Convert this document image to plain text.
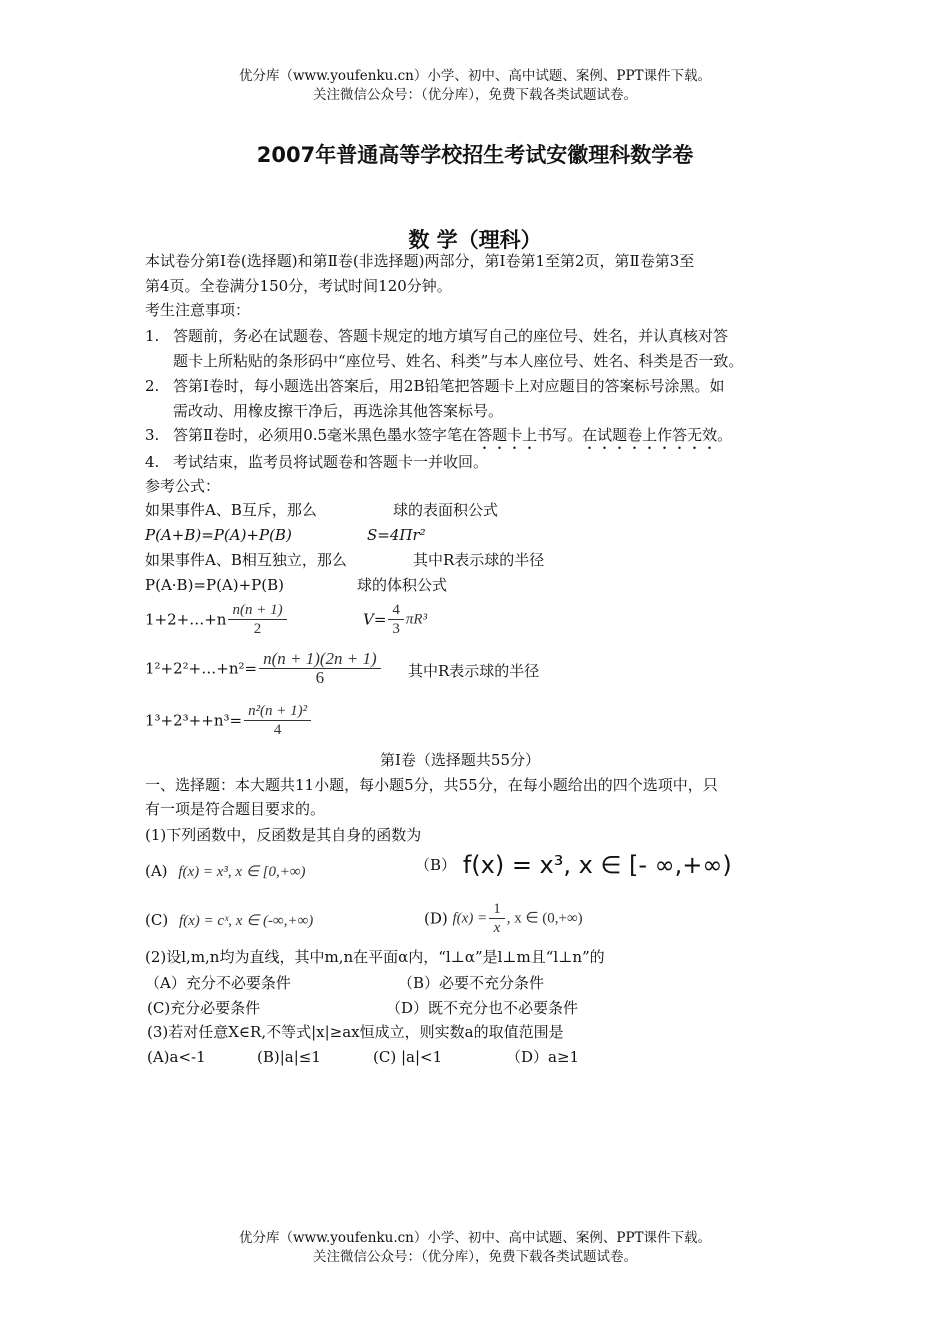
优分库（www.youfenku.cn）小学、初中、高中试题、案例、PPT课件下载。
关注微信公众号：（优分库），免费下载各类试题试卷。
2007年普通高等学校招生考试安徽理科数学卷
数 学（理科）
本试卷分第Ⅰ卷(选择题)和第Ⅱ卷(非选择题)两部分，第Ⅰ卷第1至第2页，第Ⅱ卷第3至
第4页。全卷满分150分，考试时间120分钟。
考生注意事项：
1. 答题前，务必在试题卷、答题卡规定的地方填写自己的座位号、姓名，并认真核对答
题卡上所粘贴的条形码中“座位号、姓名、科类”与本人座位号、姓名、科类是否一致。
2. 答第Ⅰ卷时，每小题选出答案后，用2B铅笔把答题卡上对应题目的答案标号涂黑。如
需改动、用橡皮擦干净后，再选涂其他答案标号。
3. 答第Ⅱ卷时，必须用0.5毫米黑色墨水签字笔在答题卡上书写。在试题卷上作答无效。
4. 考试结束，监考员将试题卷和答题卡一并收回。
参考公式：
如果事件A、B互斥，那么	球的表面积公式
P(A+B)=P(A)+P(B)	S=4Πr²
如果事件A、B相互独立，那么	其中R表示球的半径
P(A·B)=P(A)+P(B)	球的体积公式
1+2+…+n $\frac{n(n + 1)}{2}$	$V= \frac{4}{3} \pi R^3$
1²+2²+…+n²= $\frac{n(n + 1)(2n + 1)}{6}$ 其中R表示球的半径
$1^3+2^3++n^3= \frac{\text{n²(n + 1)²}}{4}$
第Ⅰ卷（选择题共55分）
一、选择题：本大题共11小题，每小题5分，共55分，在每小题给出的四个选项中，只
有一项是符合题目要求的。
(1)下列函数中，反函数是其自身的函数为
(A) f(x) = x³, x ∈ [0,+∞)	（B） f(x) = x³, x ∈ [- ∞,+∞)
(C) f(x) = cˣ, x ∈ (-∞,+∞)	(D) $f(x) = \frac{1}{x}$ , x ∈ (0,+∞)
(2)设l,m,n均为直线，其中m,n在平面α内，“l⊥α”是l⊥m且“l⊥n”的
（A）充分不必要条件	（B）必要不充分条件
(C)充分必要条件	（D）既不充分也不必要条件
(3)若对任意X∈R,不等式|x|≥ax恒成立，则实数a的取值范围是
(A)a<-1	(B)|a|≤1	(C) |a|<1	（D）a≥1
优分库（www.youfenku.cn）小学、初中、高中试题、案例、PPT课件下载。
关注微信公众号：（优分库），免费下载各类试题试卷。
